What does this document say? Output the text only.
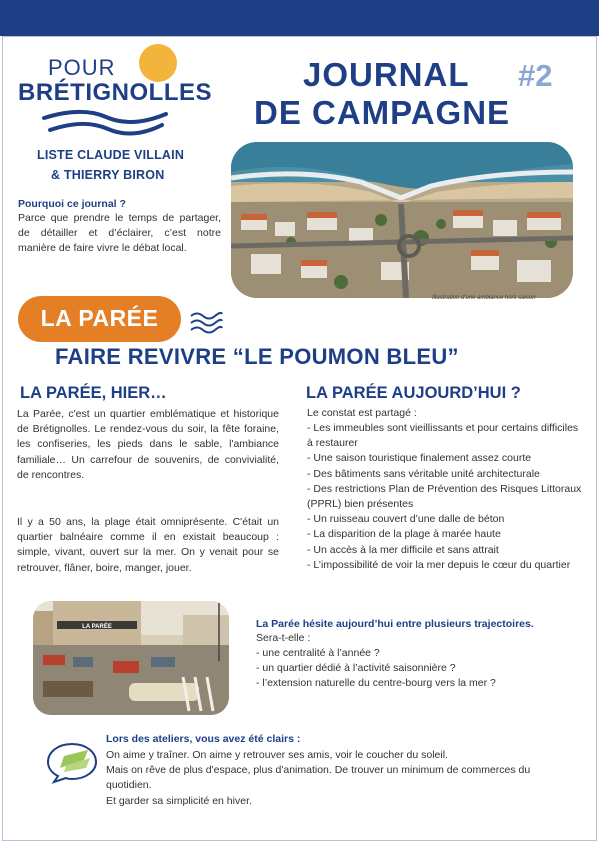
POUR
BRÉTIGNOLLES
LISTE CLAUDE VILLAIN
& THIERRY BIRON
Pourquoi ce journal ?
Parce que prendre le temps de partager, de détailler et d’éclairer, c’est notre manière de faire vivre le débat local.
JOURNAL #2
DE CAMPAGNE
Illustration d'une ambiance hors saison
LA PARÉE
FAIRE REVIVRE “LE POUMON BLEU”
LA PARÉE, HIER…
La Parée, c'est un quartier emblématique et historique de Brétignolles. Le rendez-vous du soir, la fête foraine, les confiseries, les pieds dans le sable, l'ambiance familiale… Un carrefour de souvenirs, de convivialité, de rencontres.
Il y a 50 ans, la plage était omniprésente. C'était un quartier balnéaire comme il en existait beaucoup : simple, vivant, ouvert sur la mer. On y venait pour se retrouver, flâner, boire, manger, jouer.
LA PARÉE AUJOURD’HUI ?
Le constat est partagé :
- Les immeubles sont vieillissants et pour certains difficiles à restaurer
- Une saison touristique finalement assez courte
- Des bâtiments sans véritable unité architecturale
- Des restrictions Plan de Prévention des Risques Littoraux (PPRL) bien présentes
- Un ruisseau couvert d’une dalle de béton
- La disparition de la plage à marée haute
- Un accès à la mer difficile et sans attrait
- L’impossibilité de voir la mer depuis le cœur du quartier
LA PARÉE	La Parée hésite aujourd’hui entre plusieurs trajectoires.
Sera-t-elle :
- une centralité à l’année ?
- un quartier dédié à l’activité saisonnière ?
- l’extension naturelle du centre-bourg vers la mer ?
Lors des ateliers, vous avez été clairs :
On aime y traîner. On aime y retrouver ses amis, voir le coucher du soleil.
Mais on rêve de plus d'espace, plus d'animation. De trouver un minimum de commerces du quotidien.
Et garder sa simplicité en hiver.
